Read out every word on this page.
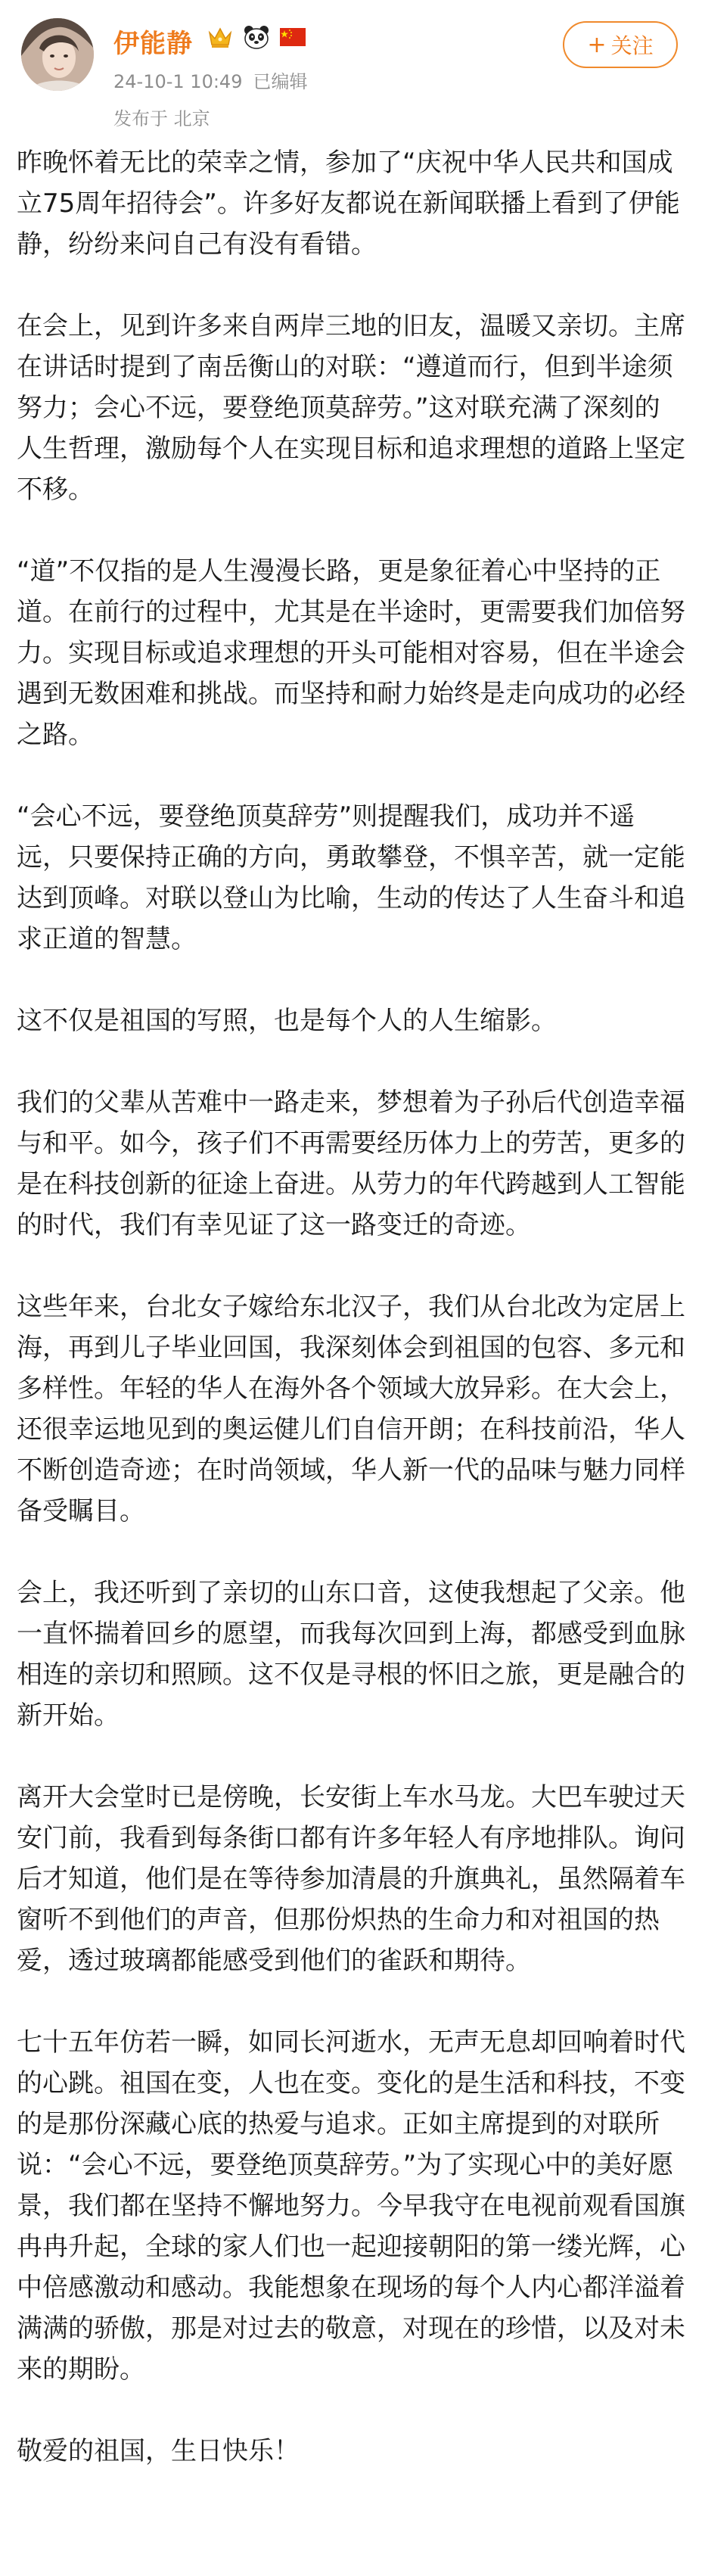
伊能静
24-10-1 10:49 已编辑
发布于 北京
+ 关注

昨晚怀着无比的荣幸之情，参加了“庆祝中华人民共和国成立75周年招待会”。许多好友都说在新闻联播上看到了伊能静，纷纷来问自己有没有看错。

在会上，见到许多来自两岸三地的旧友，温暖又亲切。主席在讲话时提到了南岳衡山的对联：“遵道而行，但到半途须努力；会心不远，要登绝顶莫辞劳。”这对联充满了深刻的人生哲理，激励每个人在实现目标和追求理想的道路上坚定不移。

“道”不仅指的是人生漫漫长路，更是象征着心中坚持的正道。在前行的过程中，尤其是在半途时，更需要我们加倍努力。实现目标或追求理想的开头可能相对容易，但在半途会遇到无数困难和挑战。而坚持和耐力始终是走向成功的必经之路。

“会心不远，要登绝顶莫辞劳”则提醒我们，成功并不遥远，只要保持正确的方向，勇敢攀登，不惧辛苦，就一定能达到顶峰。对联以登山为比喻，生动的传达了人生奋斗和追求正道的智慧。

这不仅是祖国的写照，也是每个人的人生缩影。

我们的父辈从苦难中一路走来，梦想着为子孙后代创造幸福与和平。如今，孩子们不再需要经历体力上的劳苦，更多的是在科技创新的征途上奋进。从劳力的年代跨越到人工智能的时代，我们有幸见证了这一路变迁的奇迹。

这些年来，台北女子嫁给东北汉子，我们从台北改为定居上海，再到儿子毕业回国，我深刻体会到祖国的包容、多元和多样性。年轻的华人在海外各个领域大放异彩。在大会上，还很幸运地见到的奥运健儿们自信开朗；在科技前沿，华人不断创造奇迹；在时尚领域，华人新一代的品味与魅力同样备受瞩目。

会上，我还听到了亲切的山东口音，这使我想起了父亲。他一直怀揣着回乡的愿望，而我每次回到上海，都感受到血脉相连的亲切和照顾。这不仅是寻根的怀旧之旅，更是融合的新开始。

离开大会堂时已是傍晚，长安街上车水马龙。大巴车驶过天安门前，我看到每条街口都有许多年轻人有序地排队。询问后才知道，他们是在等待参加清晨的升旗典礼，虽然隔着车窗听不到他们的声音，但那份炽热的生命力和对祖国的热爱，透过玻璃都能感受到他们的雀跃和期待。

七十五年仿若一瞬，如同长河逝水，无声无息却回响着时代的心跳。祖国在变，人也在变。变化的是生活和科技，不变的是那份深藏心底的热爱与追求。正如主席提到的对联所说：“会心不远，要登绝顶莫辞劳。”为了实现心中的美好愿景，我们都在坚持不懈地努力。今早我守在电视前观看国旗冉冉升起，全球的家人们也一起迎接朝阳的第一缕光辉，心中倍感激动和感动。我能想象在现场的每个人内心都洋溢着满满的骄傲，那是对过去的敬意，对现在的珍惜，以及对未来的期盼。

敬爱的祖国，生日快乐！
